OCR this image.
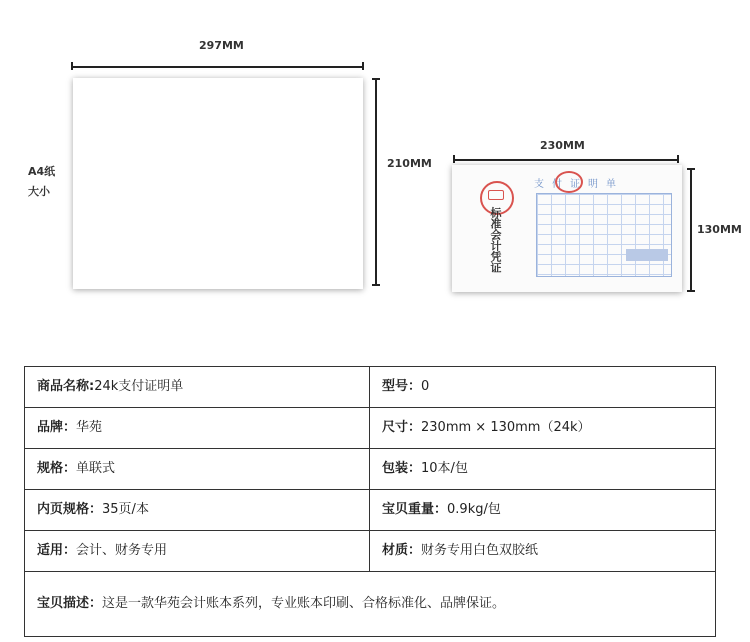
297MM
210MM
A4纸
大小
230MM
标准会计凭证
支付证明单
130MM
商品名称:24k支付证明单	型号：0
品牌：华苑	尺寸：230mm × 130mm（24k）
规格：单联式	包装：10本/包
内页规格：35页/本	宝贝重量：0.9kg/包
适用：会计、财务专用	材质：财务专用白色双胶纸
宝贝描述：这是一款华苑会计账本系列，专业账本印刷、合格标准化、品牌保证。
